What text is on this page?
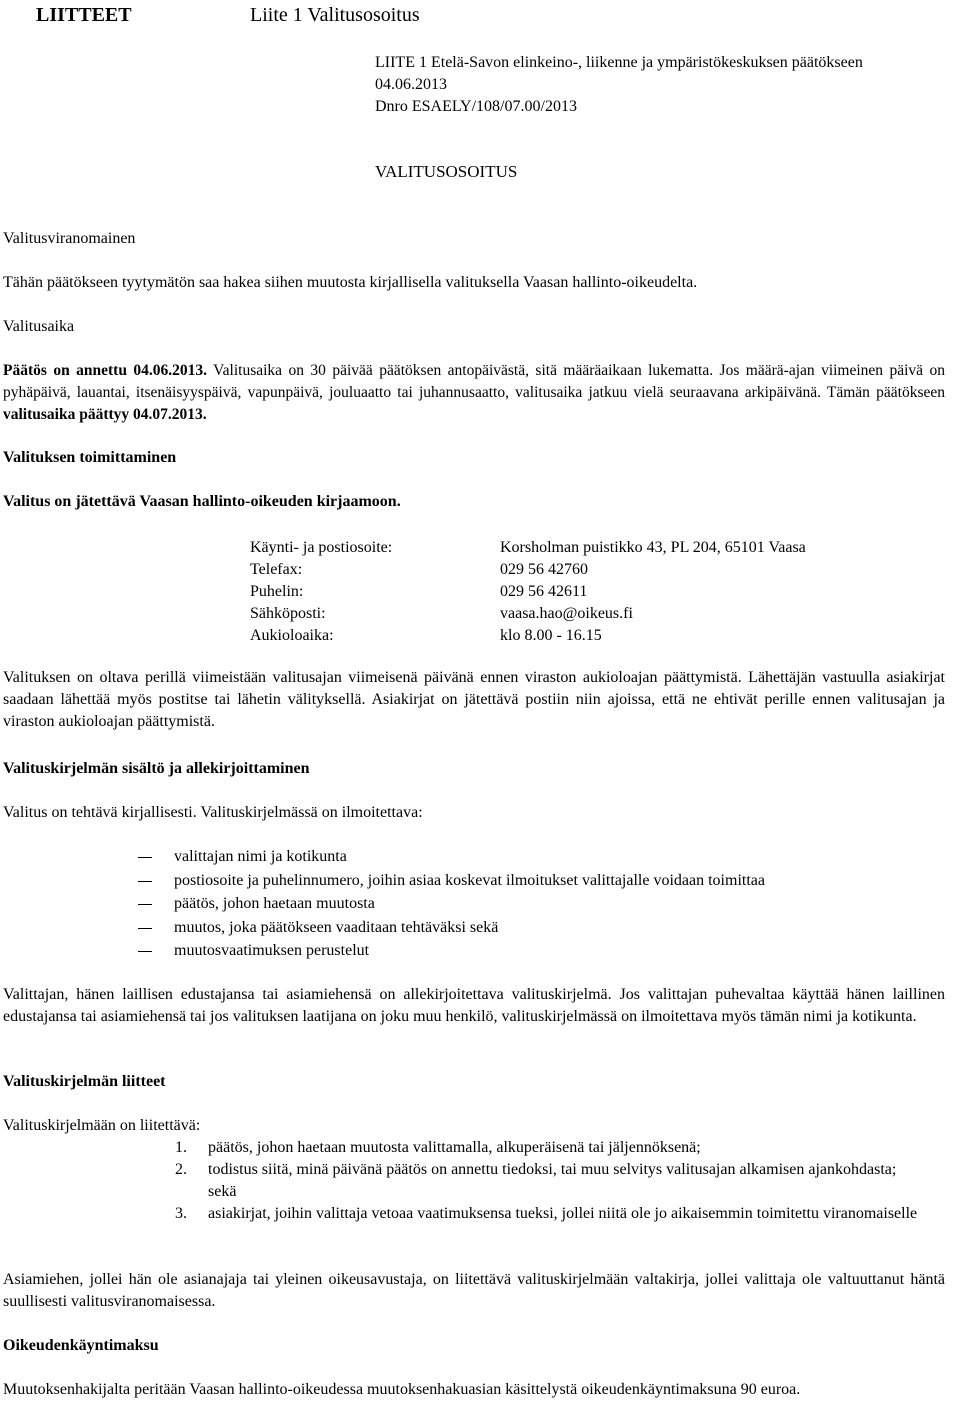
LIITTEET	Liite 1 Valitusosoitus
LIITE 1 Etelä-Savon elinkeino-, liikenne ja ympäristökeskuksen päätökseen
04.06.2013
Dnro ESAELY/108/07.00/2013
VALITUSOSOITUS
Valitusviranomainen
Tähän päätökseen tyytymätön saa hakea siihen muutosta kirjallisella valituksella Vaasan hallinto-oikeudelta.
Valitusaika
Päätös on annettu 04.06.2013. Valitusaika on 30 päivää päätöksen antopäivästä, sitä määräaikaan lukematta. Jos määrä-ajan viimeinen päivä on pyhäpäivä, lauantai, itsenäisyyspäivä, vapunpäivä, jouluaatto tai juhannusaatto, valitusaika jatkuu vielä seuraavana arkipäivänä. Tämän päätökseen valitusaika päättyy 04.07.2013.
Valituksen toimittaminen
Valitus on jätettävä Vaasan hallinto-oikeuden kirjaamoon.
Käynti- ja postiosoite:	Korsholman puistikko 43, PL 204, 65101 Vaasa
Telefax:	029 56 42760
Puhelin:	029 56 42611
Sähköposti:	vaasa.hao@oikeus.fi
Aukioloaika:	klo 8.00 - 16.15
Valituksen on oltava perillä viimeistään valitusajan viimeisenä päivänä ennen viraston aukioloajan päättymistä. Lähettäjän vastuulla asiakirjat saadaan lähettää myös postitse tai lähetin välityksellä. Asiakirjat on jätettävä postiin niin ajoissa, että ne ehtivät perille ennen valitusajan ja viraston aukioloajan päättymistä.
Valituskirjelmän sisältö ja allekirjoittaminen
Valitus on tehtävä kirjallisesti. Valituskirjelmässä on ilmoitettava:
valittajan nimi ja kotikunta
postiosoite ja puhelinnumero, joihin asiaa koskevat ilmoitukset valittajalle voidaan toimittaa
päätös, johon haetaan muutosta
muutos, joka päätökseen vaaditaan tehtäväksi sekä
muutosvaatimuksen perustelut
Valittajan, hänen laillisen edustajansa tai asiamiehensä on allekirjoitettava valituskirjelmä. Jos valittajan puhevaltaa käyttää hänen laillinen edustajansa tai asiamiehensä tai jos valituksen laatijana on joku muu henkilö, valituskirjelmässä on ilmoitettava myös tämän nimi ja kotikunta.
Valituskirjelmän liitteet
Valituskirjelmään on liitettävä:
1. päätös, johon haetaan muutosta valittamalla, alkuperäisenä tai jäljennöksenä;
2. todistus siitä, minä päivänä päätös on annettu tiedoksi, tai muu selvitys valitusajan alkamisen ajankohdasta; sekä
3. asiakirjat, joihin valittaja vetoaa vaatimuksensa tueksi, jollei niitä ole jo aikaisemmin toimitettu viranomaiselle
Asiamiehen, jollei hän ole asianajaja tai yleinen oikeusavustaja, on liitettävä valituskirjelmään valtakirja, jollei valittaja ole valtuuttanut häntä suullisesti valitusviranomaisessa.
Oikeudenkäyntimaksu
Muutoksenhakijalta peritään Vaasan hallinto-oikeudessa muutoksenhakuasian käsittelystä oikeudenkäyntimaksuna 90 euroa.
